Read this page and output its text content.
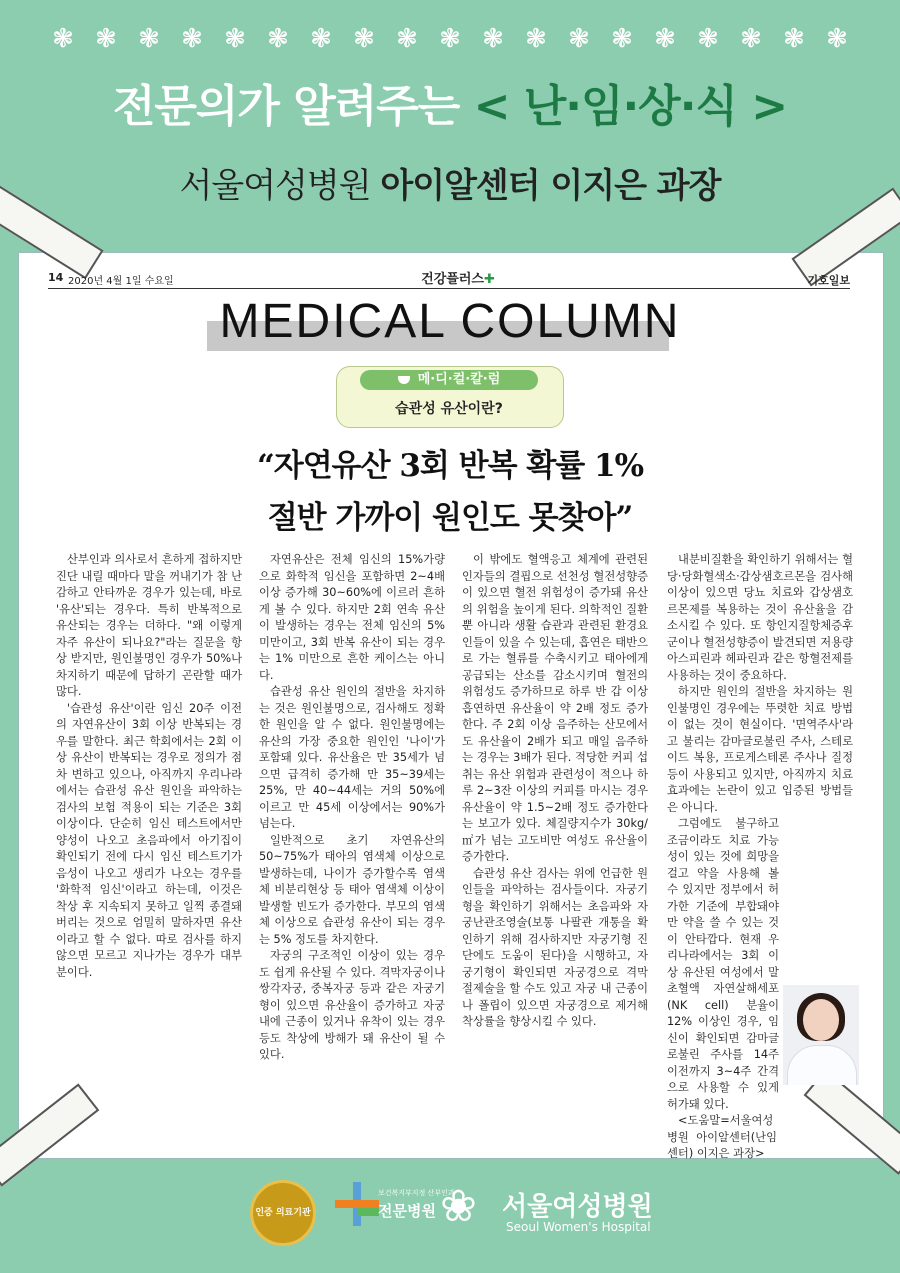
❃ ❃ ❃ ❃ ❃ ❃ ❃ ❃ ❃ ❃ ❃ ❃ ❃ ❃ ❃ ❃ ❃ ❃ ❃
전문의가 알려주는 < 난·임·상·식 >
서울여성병원 아이알센터 이지은 과장
14 2020년 4월 1일 수요일	건강플러스✚	기호일보
MEDICAL COLUMN
메·디·컬·칼·럼
습관성 유산이란?
“자연유산 3회 반복 확률 1%
절반 가까이 원인도 못찾아”

산부인과 의사로서 흔하게 접하지만 진단 내릴 때마다 말을 꺼내기가 참 난감하고 안타까운 경우가 있는데, 바로 '유산'되는 경우다. 특히 반복적으로 유산되는 경우는 더하다. "왜 이렇게 자주 유산이 되나요?"라는 질문을 항상 받지만, 원인불명인 경우가 50%나 차지하기 때문에 답하기 곤란할 때가 많다.

'습관성 유산'이란 임신 20주 이전의 자연유산이 3회 이상 반복되는 경우를 말한다. 최근 학회에서는 2회 이상 유산이 반복되는 경우로 정의가 점차 변하고 있으나, 아직까지 우리나라에서는 습관성 유산 원인을 파악하는 검사의 보험 적용이 되는 기준은 3회 이상이다. 단순히 임신 테스트에서만 양성이 나오고 초음파에서 아기집이 확인되기 전에 다시 임신 테스트기가 음성이 나오고 생리가 나오는 경우를 '화학적 임신'이라고 하는데, 이것은 착상 후 지속되지 못하고 일찍 종결돼 버리는 것으로 엄밀히 말하자면 유산이라고 할 수 없다. 따로 검사를 하지 않으면 모르고 지나가는 경우가 대부분이다.

자연유산은 전체 임신의 15%가량으로 화학적 임신을 포함하면 2~4배 이상 증가해 30~60%에 이르러 흔하게 볼 수 있다. 하지만 2회 연속 유산이 발생하는 경우는 전체 임신의 5% 미만이고, 3회 반복 유산이 되는 경우는 1% 미만으로 흔한 케이스는 아니다.

습관성 유산 원인의 절반을 차지하는 것은 원인불명으로, 검사해도 정확한 원인을 알 수 없다. 원인불명에는 유산의 가장 중요한 원인인 '나이'가 포함돼 있다. 유산율은 만 35세가 넘으면 급격히 증가해 만 35~39세는 25%, 만 40~44세는 거의 50%에 이르고 만 45세 이상에서는 90%가 넘는다.

일반적으로 초기 자연유산의 50~75%가 태아의 염색체 이상으로 발생하는데, 나이가 증가할수록 염색체 비분리현상 등 태아 염색체 이상이 발생할 빈도가 증가한다. 부모의 염색체 이상으로 습관성 유산이 되는 경우는 5% 정도를 차지한다.

자궁의 구조적인 이상이 있는 경우도 쉽게 유산될 수 있다. 격막자궁이나 쌍각자궁, 중복자궁 등과 같은 자궁기형이 있으면 유산율이 증가하고 자궁 내에 근종이 있거나 유착이 있는 경우 등도 착상에 방해가 돼 유산이 될 수 있다.

이 밖에도 혈액응고 체계에 관련된 인자들의 결핍으로 선천성 혈전성향증이 있으면 혈전 위험성이 증가돼 유산의 위험을 높이게 된다. 의학적인 질환뿐 아니라 생활 습관과 관련된 환경요인들이 있을 수 있는데, 흡연은 태반으로 가는 혈류를 수축시키고 태아에게 공급되는 산소를 감소시키며 혈전의 위험성도 증가하므로 하루 반 갑 이상 흡연하면 유산율이 약 2배 정도 증가한다. 주 2회 이상 음주하는 산모에서도 유산율이 2배가 되고 매일 음주하는 경우는 3배가 된다. 적당한 커피 섭취는 유산 위험과 관련성이 적으나 하루 2~3잔 이상의 커피를 마시는 경우 유산율이 약 1.5~2배 정도 증가한다는 보고가 있다. 체질량지수가 30kg/㎡가 넘는 고도비만 여성도 유산율이 증가한다.

습관성 유산 검사는 위에 언급한 원인들을 파악하는 검사들이다. 자궁기형을 확인하기 위해서는 초음파와 자궁난관조영술(보통 나팔관 개통을 확인하기 위해 검사하지만 자궁기형 진단에도 도움이 된다)을 시행하고, 자궁기형이 확인되면 자궁경으로 격막 절제술을 할 수도 있고 자궁 내 근종이나 폴립이 있으면 자궁경으로 제거해 착상률을 향상시킬 수 있다.

내분비질환을 확인하기 위해서는 혈당·당화혈색소·갑상샘호르몬을 검사해 이상이 있으면 당뇨 치료와 갑상샘호르몬제를 복용하는 것이 유산율을 감소시킬 수 있다. 또 항인지질항체증후군이나 혈전성향증이 발견되면 저용량 아스피린과 헤파린과 같은 항혈전제를 사용하는 것이 중요하다.

하지만 원인의 절반을 차지하는 원인불명인 경우에는 뚜렷한 치료 방법이 없는 것이 현실이다. '면역주사'라고 불리는 감마글로불린 주사, 스테로이드 복용, 프로게스테론 주사나 질정 등이 사용되고 있지만, 아직까지 치료 효과에는 논란이 있고 입증된 방법들은 아니다.

그럼에도 불구하고 조금이라도 치료 가능성이 있는 것에 희망을 걸고 약을 사용해 볼 수 있지만 정부에서 허가한 기준에 부합돼야만 약을 쓸 수 있는 것이 안타깝다. 현재 우리나라에서는 3회 이상 유산된 여성에서 말초혈액 자연살해세포(NK cell) 분율이 12% 이상인 경우, 임신이 확인되면 감마글로불린 주사를 14주 이전까지 3~4주 간격으로 사용할 수 있게 허가돼 있다.

<도움말=서울여성병원 아이알센터(난임센터) 이지은 과장>

인증 의료기관
보건복지부지정 산부인과
전문병원 ❀ 서울여성병원
Seoul Women's Hospital
